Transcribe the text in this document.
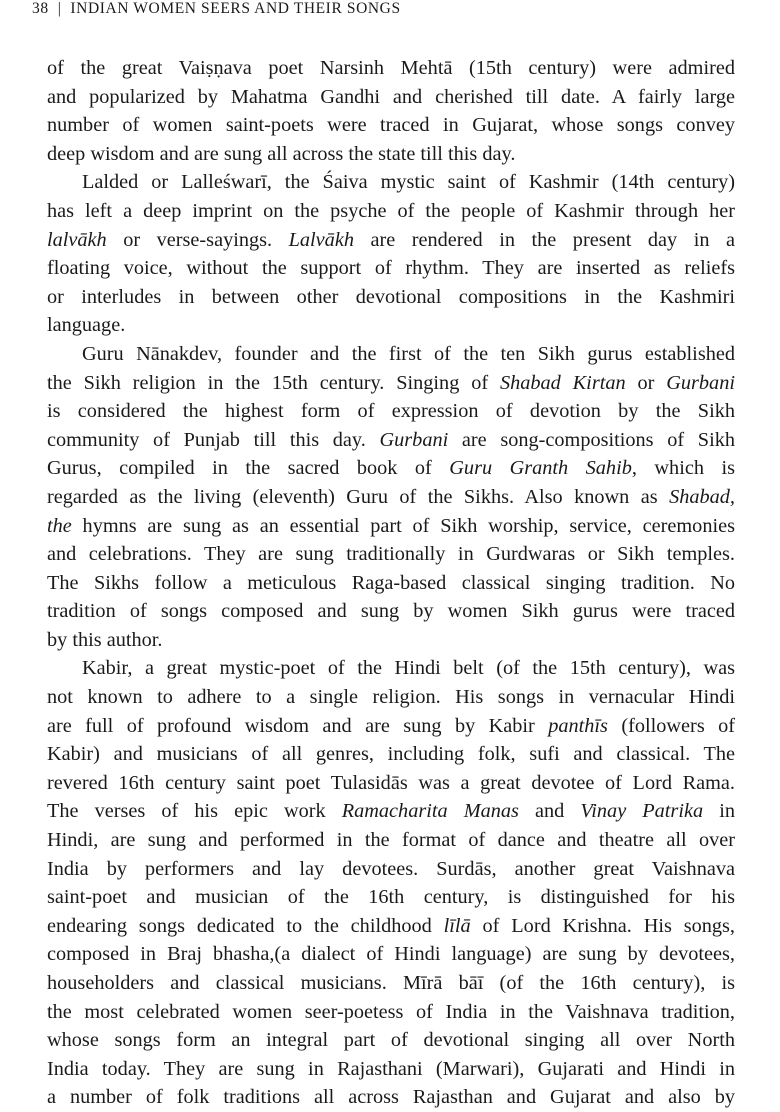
38 | INDIAN WOMEN SEERS AND THEIR SONGS
of the great Vaiṣṇava poet Narsinh Mehtā (15th century) were admired
and popularized by Mahatma Gandhi and cherished till date. A fairly large
number of women saint-poets were traced in Gujarat, whose songs convey
deep wisdom and are sung all across the state till this day.
Lalded or Lalleśwarī, the Śaiva mystic saint of Kashmir (14th century)
has left a deep imprint on the psyche of the people of Kashmir through her
lalvākh or verse-sayings. Lalvākh are rendered in the present day in a
floating voice, without the support of rhythm. They are inserted as reliefs
or interludes in between other devotional compositions in the Kashmiri
language.
Guru Nānakdev, founder and the first of the ten Sikh gurus established
the Sikh religion in the 15th century. Singing of Shabad Kirtan or Gurbani
is considered the highest form of expression of devotion by the Sikh
community of Punjab till this day. Gurbani are song-compositions of Sikh
Gurus, compiled in the sacred book of Guru Granth Sahib, which is
regarded as the living (eleventh) Guru of the Sikhs. Also known as Shabad,
the hymns are sung as an essential part of Sikh worship, service, ceremonies
and celebrations. They are sung traditionally in Gurdwaras or Sikh temples.
The Sikhs follow a meticulous Raga-based classical singing tradition. No
tradition of songs composed and sung by women Sikh gurus were traced
by this author.
Kabir, a great mystic-poet of the Hindi belt (of the 15th century), was
not known to adhere to a single religion. His songs in vernacular Hindi
are full of profound wisdom and are sung by Kabir panthīs (followers of
Kabir) and musicians of all genres, including folk, sufi and classical. The
revered 16th century saint poet Tulasidās was a great devotee of Lord Rama.
The verses of his epic work Ramacharita Manas and Vinay Patrika in
Hindi, are sung and performed in the format of dance and theatre all over
India by performers and lay devotees. Surdās, another great Vaishnava
saint-poet and musician of the 16th century, is distinguished for his
endearing songs dedicated to the childhood līlā of Lord Krishna. His songs,
composed in Braj bhasha,(a dialect of Hindi language) are sung by devotees,
householders and classical musicians. Mīrā bāī (of the 16th century), is
the most celebrated women seer-poetess of India in the Vaishnava tradition,
whose songs form an integral part of devotional singing all over North
India today. They are sung in Rajasthani (Marwari), Gujarati and Hindi in
a number of folk traditions all across Rajasthan and Gujarat and also by
